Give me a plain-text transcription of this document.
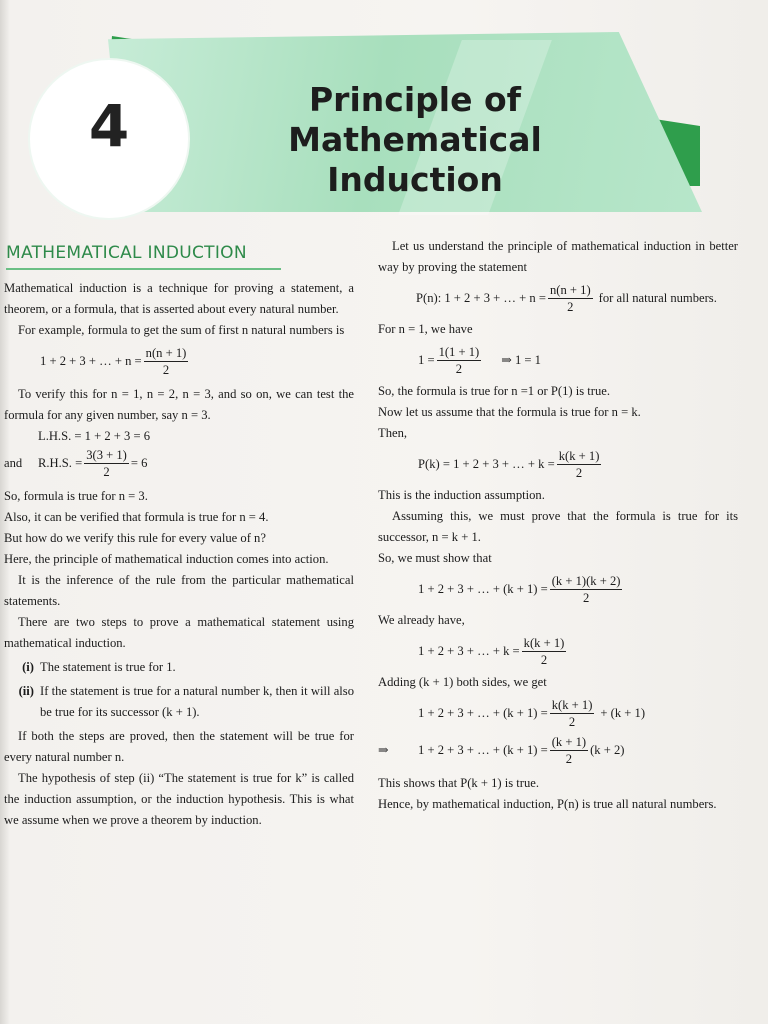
4	Principle of
Mathematical Induction
MATHEMATICAL INDUCTION

Mathematical induction is a technique for proving a statement, a theorem, or a formula, that is asserted about every natural number.

For example, formula to get the sum of first n natural numbers is

1 + 2 + 3 + … + $n = \frac{n(n + 1)}{2}$

To verify this for n = 1, n = 2, n = 3, and so on, we can test the formula for any given number, say n = 3.

L.H.S. = 1 + 2 + 3 = 6

and	R.H.S. = $\frac{3(3 + 1)}{2} = 6$

So, formula is true for n = 3.

Also, it can be verified that formula is true for n = 4.

But how do we verify this rule for every value of n?

Here, the principle of mathematical induction comes into action.

It is the inference of the rule from the particular mathematical statements.

There are two steps to prove a mathematical statement using mathematical induction.

(i) The statement is true for 1.
(ii) If the statement is true for a natural number k, then it will also be true for its successor (k + 1).

If both the steps are proved, then the statement will be true for every natural number n.

The hypothesis of step (ii) “The statement is true for k” is called the induction assumption, or the induction hypothesis. This is what we assume when we prove a theorem by induction.

Let us understand the principle of mathematical induction in better way by proving the statement

P(n): 1 + 2 + 3 + … + $n = \frac{n(n + 1)}{2}$ for all natural numbers.

For n = 1, we have

$1 = \frac{1(1 + 1)}{2}$ ⇒ 1 = 1

So, the formula is true for n =1 or P(1) is true.

Now let us assume that the formula is true for n = k.

Then,

P(k) = 1 + 2 + 3 + … + $k = \frac{k(k + 1)}{2}$

This is the induction assumption.

Assuming this, we must prove that the formula is true for its successor, n = k + 1.

So, we must show that

1 + 2 + 3 + … + $(k + 1) = \frac{(k + 1)(k + 2)}{2}$

We already have,

1 + 2 + 3 + … + $k = \frac{k(k + 1)}{2}$

Adding (k + 1) both sides, we get

1 + 2 + 3 + … + $(k + 1) = \frac{k(k + 1)}{2} + (k + 1)$
⇒	1 + 2 + 3 + … + $(k + 1) = \frac{(k + 1)}{2} (k + 2)$

This shows that P(k + 1) is true.

Hence, by mathematical induction, P(n) is true all natural numbers.
